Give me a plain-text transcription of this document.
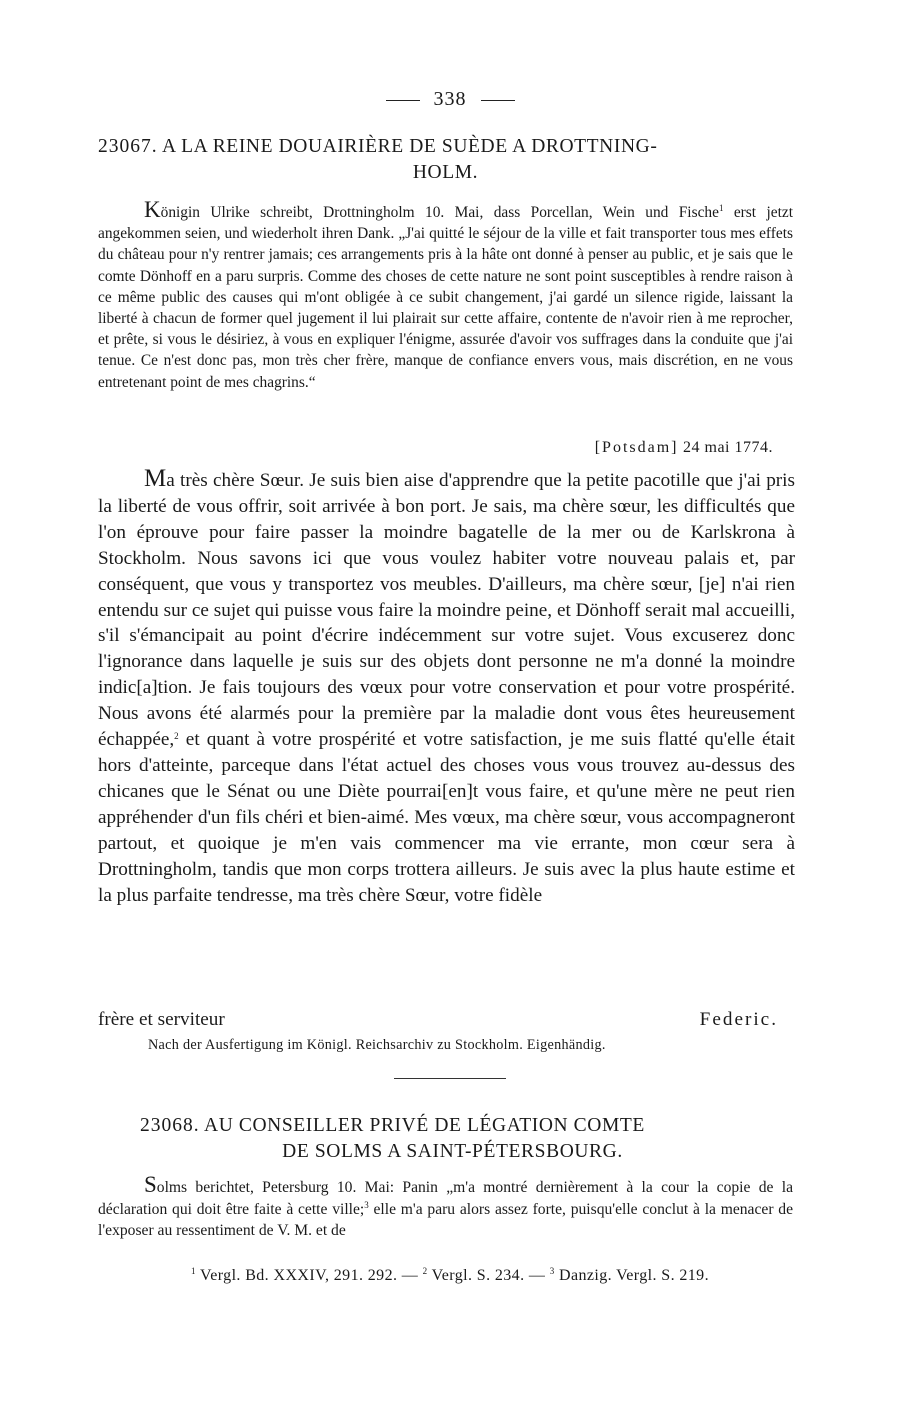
338
23067. A LA REINE DOUAIRIÈRE DE SUÈDE A DROTTNING-
HOLM.

Königin Ulrike schreibt, Drottningholm 10. Mai, dass Porcellan, Wein und Fische$^1$ erst jetzt angekommen seien, und wiederholt ihren Dank. „J'ai quitté le séjour de la ville et fait transporter tous mes effets du château pour n'y rentrer jamais; ces arrangements pris à la hâte ont donné à penser au public, et je sais que le comte Dönhoff en a paru surpris. Comme des choses de cette nature ne sont point susceptibles à rendre raison à ce même public des causes qui m'ont obligée à ce subit changement, j'ai gardé un silence rigide, laissant la liberté à chacun de former quel jugement il lui plairait sur cette affaire, contente de n'avoir rien à me reprocher, et prête, si vous le désiriez, à vous en expliquer l'énigme, assurée d'avoir vos suffrages dans la conduite que j'ai tenue. Ce n'est donc pas, mon très cher frère, manque de confiance envers vous, mais discrétion, en ne vous entretenant point de mes chagrins.“

[Potsdam] 24 mai 1774.

Ma très chère Sœur. Je suis bien aise d'apprendre que la petite pacotille que j'ai pris la liberté de vous offrir, soit arrivée à bon port. Je sais, ma chère sœur, les difficultés que l'on éprouve pour faire passer la moindre bagatelle de la mer ou de Karlskrona à Stockholm. Nous savons ici que vous voulez habiter votre nouveau palais et, par conséquent, que vous y transportez vos meubles. D'ailleurs, ma chère sœur, [je] n'ai rien entendu sur ce sujet qui puisse vous faire la moindre peine, et Dönhoff serait mal accueilli, s'il s'émancipait au point d'écrire indécemment sur votre sujet. Vous excuserez donc l'ignorance dans laquelle je suis sur des objets dont personne ne m'a donné la moindre indic[a]tion. Je fais toujours des vœux pour votre conservation et pour votre prospérité. Nous avons été alarmés pour la première par la maladie dont vous êtes heureusement échappée,$^2$ et quant à votre prospérité et votre satisfaction, je me suis flatté qu'elle était hors d'atteinte, parceque dans l'état actuel des choses vous vous trouvez au-dessus des chicanes que le Sénat ou une Diète pourrai[en]t vous faire, et qu'une mère ne peut rien appréhender d'un fils chéri et bien-aimé. Mes vœux, ma chère sœur, vous accompagneront partout, et quoique je m'en vais commencer ma vie errante, mon cœur sera à Drottningholm, tandis que mon corps trottera ailleurs. Je suis avec la plus haute estime et la plus parfaite tendresse, ma très chère Sœur, votre fidèle

frère et serviteur	Federic.
Nach der Ausfertigung im Königl. Reichsarchiv zu Stockholm. Eigenhändig.
23068. AU CONSEILLER PRIVÉ DE LÉGATION COMTE
DE SOLMS A SAINT-PÉTERSBOURG.

Solms berichtet, Petersburg 10. Mai: Panin „m'a montré dernièrement à la cour la copie de la déclaration qui doit être faite à cette ville;$^3$ elle m'a paru alors assez forte, puisqu'elle conclut à la menacer de l'exposer au ressentiment de V. M. et de

$^1$ Vergl. Bd. XXXIV, 291. 292. — $^2$ Vergl. S. 234. — $^3$ Danzig. Vergl. S. 219.
